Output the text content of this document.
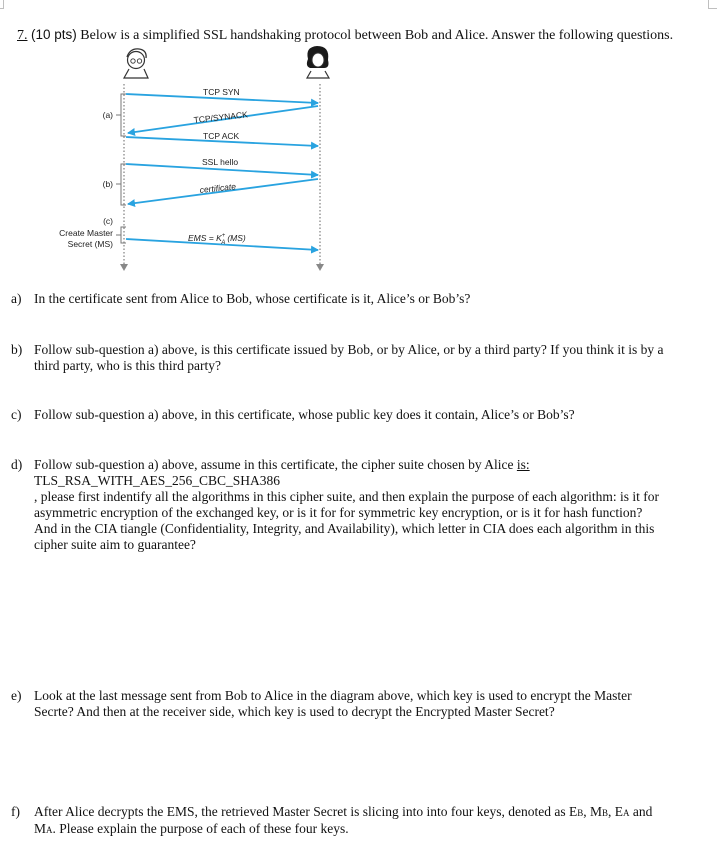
7. (10 pts) Below is a simplified SSL handshaking protocol between Bob and Alice. Answer the following questions.
TCP SYN
TCP/SYNACK
TCP ACK
SSL hello
certificate
EMS = K+ A (MS)
(a)
(b)
(c)
Create Master
Secret (MS)
a) In the certificate sent from Alice to Bob, whose certificate is it, Alice’s or Bob’s?
b) Follow sub-question a) above, is this certificate issued by Bob, or by Alice, or by a third party? If you think it is by a
third party, who is this third party?
c) Follow sub-question a) above, in this certificate, whose public key does it contain, Alice’s or Bob’s?
d) Follow sub-question a) above, assume in this certificate, the cipher suite chosen by Alice is:
TLS_RSA_WITH_AES_256_CBC_SHA386
, please first indentify all the algorithms in this cipher suite, and then explain the purpose of each algorithm: is it for
asymmetric encryption of the exchanged key, or is it for for symmetric key encryption, or is it for hash function?
And in the CIA tiangle (Confidentiality, Integrity, and Availability), which letter in CIA does each algorithm in this
cipher suite aim to guarantee?
e) Look at the last message sent from Bob to Alice in the diagram above, which key is used to encrypt the Master
Secrte? And then at the receiver side, which key is used to decrypt the Encrypted Master Secret?
f) After Alice decrypts the EMS, the retrieved Master Secret is slicing into into four keys, denoted as EB, MB, EA and
MA. Please explain the purpose of each of these four keys.
